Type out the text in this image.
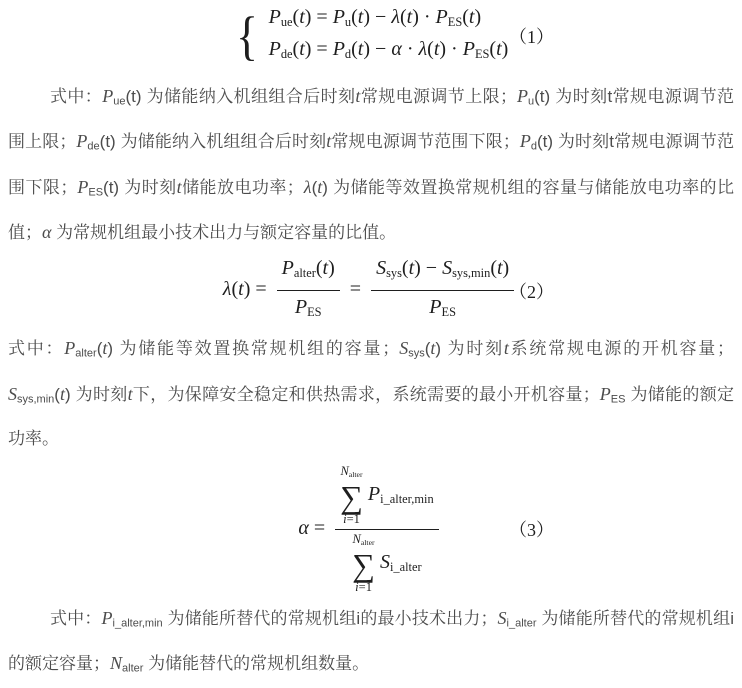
{ Pue(t) = Pu(t) − λ(t) · PES(t)
Pde(t) = Pd(t) − α · λ(t) · PES(t)
（1）

式中：Pue(t) 为储能纳入机组组合后时刻t常规电源调节上限；Pu(t) 为时刻t常规电源调节范围上限；Pde(t) 为储能纳入机组组合后时刻t常规电源调节范围下限；Pd(t) 为时刻t常规电源调节范围下限；PES(t) 为时刻t储能放电功率；λ(t) 为储能等效置换常规机组的容量与储能放电功率的比值；α 为常规机组最小技术出力与额定容量的比值。

$\lambda(t) = \frac{\text{Palter(t)}}{\text{PES}} = \frac{\text{Ssys(t) − Ssys,min(t)}}{\text{PES}}$
（2）

式中：Palter(t) 为储能等效置换常规机组的容量；Ssys(t) 为时刻t系统常规电源的开机容量；Ssys,min(t) 为时刻t下，为保障安全稳定和供热需求，系统需要的最小开机容量；PES 为储能的额定功率。

α = Nalter
∑
i=1
Pi_alter,min
Nalter
∑
i=1
Si_alter	（3）

式中：Pi_alter,min 为储能所替代的常规机组i的最小技术出力；Si_alter 为储能所替代的常规机组i的额定容量；Nalter 为储能替代的常规机组数量。
